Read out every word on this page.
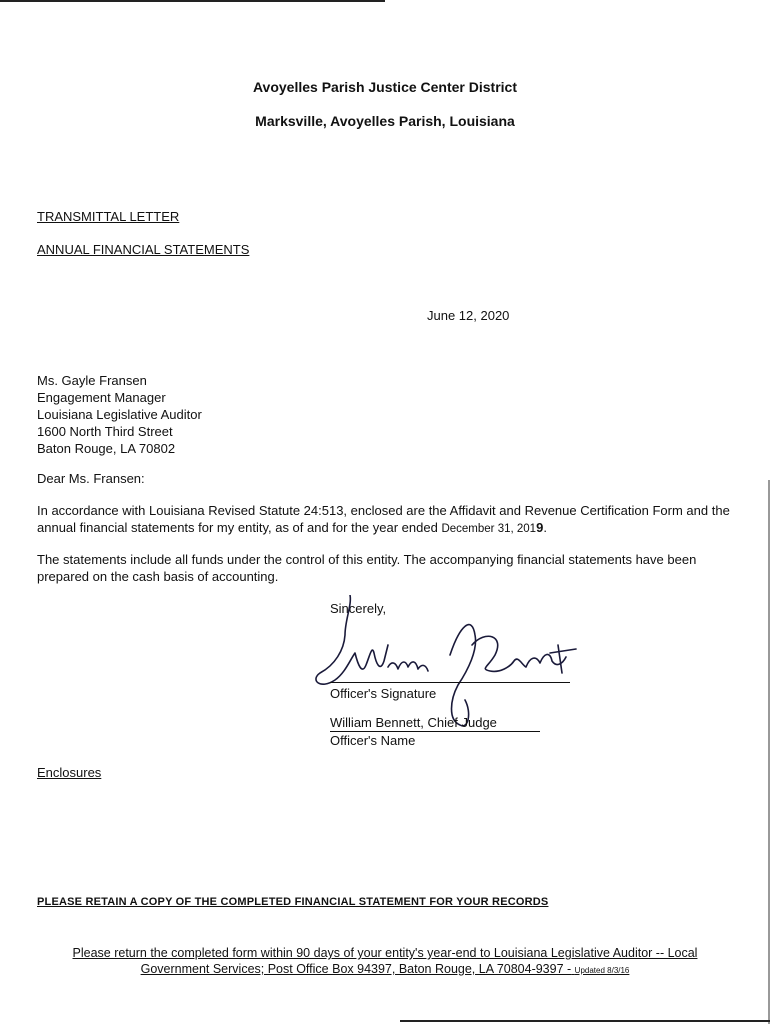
Avoyelles Parish Justice Center District
Marksville, Avoyelles Parish, Louisiana
TRANSMITTAL LETTER
ANNUAL FINANCIAL STATEMENTS
June 12, 2020
Ms. Gayle Fransen
Engagement Manager
Louisiana Legislative Auditor
1600 North Third Street
Baton Rouge, LA 70802
Dear Ms. Fransen:
In accordance with Louisiana Revised Statute 24:513, enclosed are the Affidavit and Revenue Certification Form and the annual financial statements for my entity, as of and for the year ended December 31, 2019.
The statements include all funds under the control of this entity. The accompanying financial statements have been prepared on the cash basis of accounting.
Sincerely,
Officer's Signature
William Bennett, Chief Judge
Officer's Name
Enclosures
PLEASE RETAIN A COPY OF THE COMPLETED FINANCIAL STATEMENT FOR YOUR RECORDS
Please return the completed form within 90 days of your entity's year-end to Louisiana Legislative Auditor -- Local
Government Services; Post Office Box 94397, Baton Rouge, LA 70804-9397 - Updated 8/3/16
